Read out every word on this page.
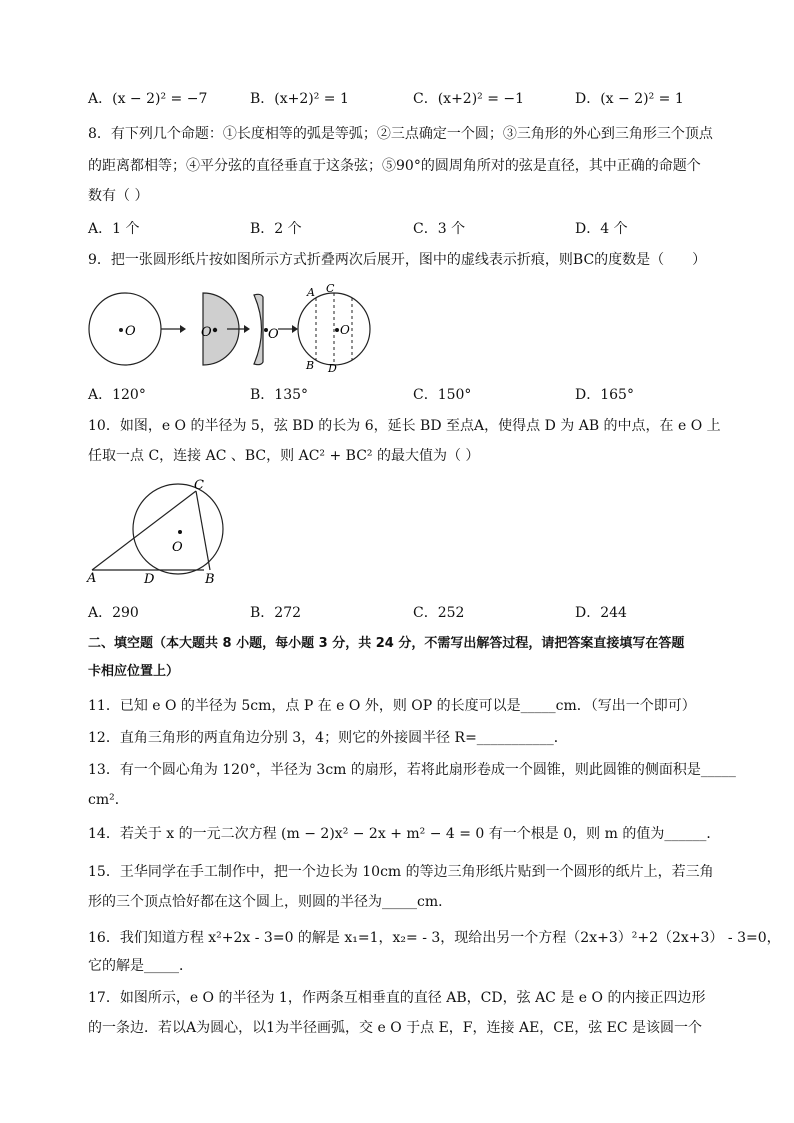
A．(x − 2)² = −7	B．(x+2)² = 1	C．(x+2)² = −1	D．(x − 2)² = 1
8．有下列几个命题：①长度相等的弧是等弧；②三点确定一个圆；③三角形的外心到三角形三个顶点
的距离都相等；④平分弦的直径垂直于这条弦；⑤90°的圆周角所对的弦是直径，其中正确的命题个
数有（ ）
A．1 个	B．2 个	C．3 个	D．4 个
9．把一张圆形纸片按如图所示方式折叠两次后展开，图中的虚线表示折痕，则BC的度数是（　　）
O	O	O	O
A C
B D
A．120°	B．135°	C．150°	D．165°
10．如图，e O 的半径为 5，弦 BD 的长为 6，延长 BD 至点A，使得点 D 为 AB 的中点，在 e O 上
任取一点 C，连接 AC 、BC，则 AC² + BC² 的最大值为（ ）
O
A	D	B
C
A．290	B．272	C．252	D．244
二、填空题（本大题共 8 小题，每小题 3 分，共 24 分，不需写出解答过程，请把答案直接填写在答题
卡相应位置上）
11．已知 e O 的半径为 5cm，点 P 在 e O 外，则 OP 的长度可以是_____cm．（写出一个即可）
12．直角三角形的两直角边分别 3，4；则它的外接圆半径 R=___________．
13．有一个圆心角为 120°，半径为 3cm 的扇形，若将此扇形卷成一个圆锥，则此圆锥的侧面积是_____
cm²．
14．若关于 x 的一元二次方程 (m − 2)x² − 2x + m² − 4 = 0 有一个根是 0，则 m 的值为______．
15．王华同学在手工制作中，把一个边长为 10cm 的等边三角形纸片贴到一个圆形的纸片上，若三角
形的三个顶点恰好都在这个圆上，则圆的半径为_____cm．
16．我们知道方程 x²+2x - 3=0 的解是 x₁=1，x₂= - 3，现给出另一个方程（2x+3）²+2（2x+3） - 3=0，
它的解是_____．
17．如图所示，e O 的半径为 1，作两条互相垂直的直径 AB，CD，弦 AC 是 e O 的内接正四边形
的一条边．若以A为圆心，以1为半径画弧，交 e O 于点 E，F，连接 AE，CE，弦 EC 是该圆一个
